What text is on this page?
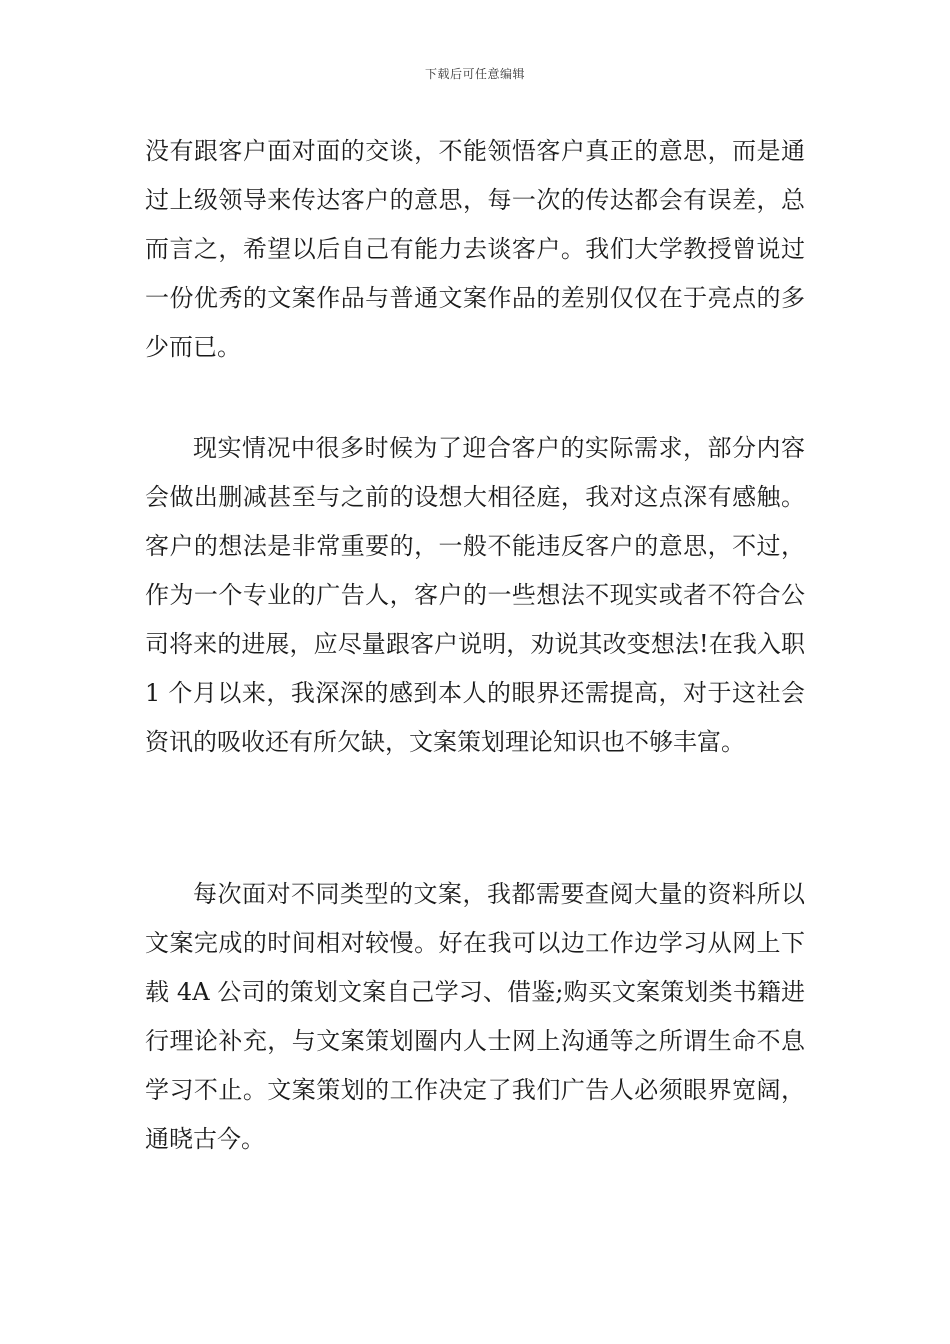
下载后可任意编辑

没有跟客户面对面的交谈，不能领悟客户真正的意思，而是通过上级领导来传达客户的意思，每一次的传达都会有误差，总而言之，希望以后自己有能力去谈客户。我们大学教授曾说过一份优秀的文案作品与普通文案作品的差别仅仅在于亮点的多少而已。

现实情况中很多时候为了迎合客户的实际需求，部分内容会做出删减甚至与之前的设想大相径庭，我对这点深有感触。客户的想法是非常重要的，一般不能违反客户的意思，不过，作为一个专业的广告人，客户的一些想法不现实或者不符合公司将来的进展，应尽量跟客户说明，劝说其改变想法!在我入职 1 个月以来，我深深的感到本人的眼界还需提高，对于这社会资讯的吸收还有所欠缺，文案策划理论知识也不够丰富。

每次面对不同类型的文案，我都需要查阅大量的资料所以文案完成的时间相对较慢。好在我可以边工作边学习从网上下载 4A 公司的策划文案自己学习、借鉴;购买文案策划类书籍进行理论补充，与文案策划圈内人士网上沟通等之所谓生命不息学习不止。文案策划的工作决定了我们广告人必须眼界宽阔，通晓古今。
